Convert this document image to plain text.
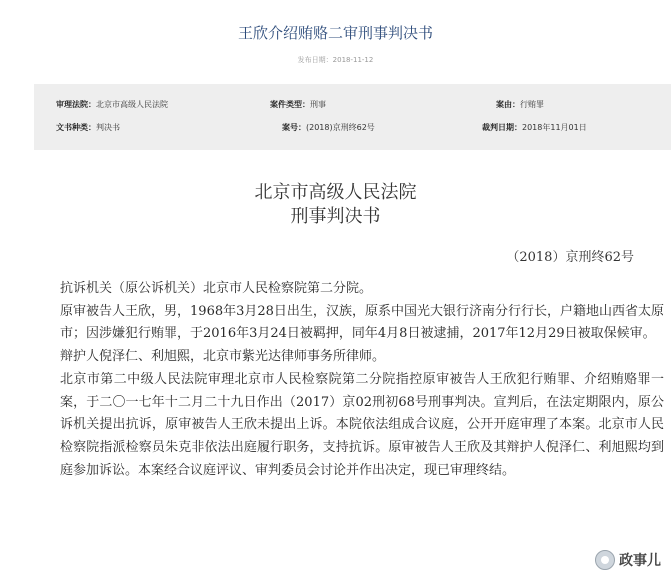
王欣介绍贿赂二审刑事判决书
发布日期：2018-11-12
审理法院：北京市高级人民法院	案件类型：刑事	案由：行贿罪
文书种类：判决书	案号：(2018)京刑终62号	裁判日期：2018年11月01日
北京市高级人民法院
刑事判决书
（2018）京刑终62号

抗诉机关（原公诉机关）北京市人民检察院第二分院。

原审被告人王欣，男，1968年3月28日出生，汉族，原系中国光大银行济南分行行长，户籍地山西省太原市；因涉嫌犯行贿罪，于2016年3月24日被羁押，同年4月8日被逮捕，2017年12月29日被取保候审。

辩护人倪泽仁、利旭熙，北京市紫光达律师事务所律师。

北京市第二中级人民法院审理北京市人民检察院第二分院指控原审被告人王欣犯行贿罪、介绍贿赂罪一案，于二〇一七年十二月二十九日作出（2017）京02刑初68号刑事判决。宣判后，在法定期限内，原公诉机关提出抗诉，原审被告人王欣未提出上诉。本院依法组成合议庭，公开开庭审理了本案。北京市人民检察院指派检察员朱克非依法出庭履行职务，支持抗诉。原审被告人王欣及其辩护人倪泽仁、利旭熙均到庭参加诉讼。本案经合议庭评议、审判委员会讨论并作出决定，现已审理终结。

政事儿
